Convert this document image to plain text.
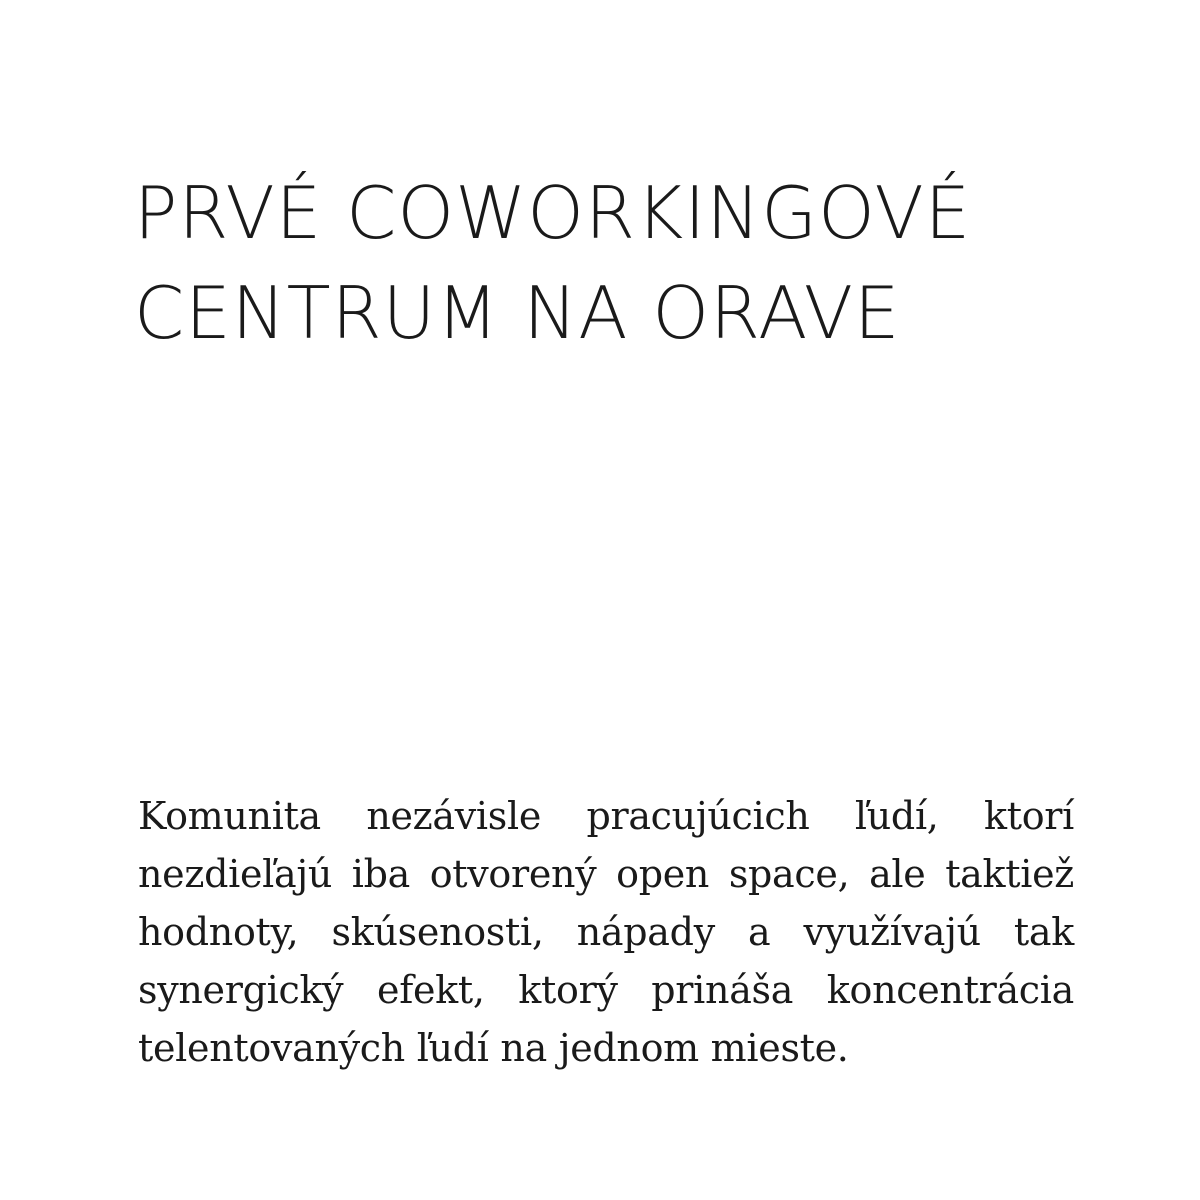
PRVÉ COWORKINGOVÉ
CENTRUM NA ORAVE

Komunita nezávisle pracujúcich ľudí, ktorí nezdieľajú iba otvorený open space, ale taktiež hodnoty, skúsenosti, nápady a využívajú tak synergický efekt, ktorý prináša koncentrácia telentovaných ľudí na jednom mieste.
